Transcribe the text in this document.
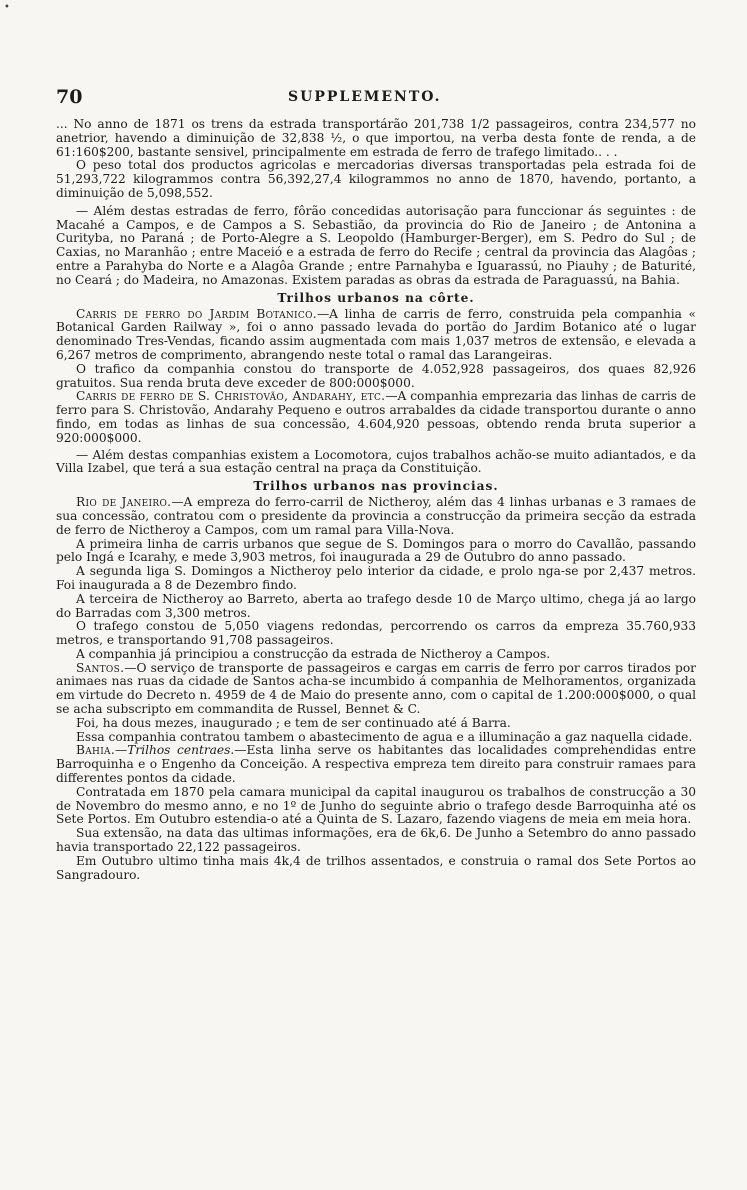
•
70	SUPPLEMENTO.

... No anno de 1871 os trens da estrada transportárão 201,738 1/2 passageiros, contra 234,577 no anetrior, havendo a diminuição de 32,838 ½, o que importou, na verba desta fonte de renda, a de 61:160$200, bastante sensivel, principalmente em estrada de ferro de trafego limitado.. . .

O peso total dos productos agricolas e mercadorias diversas transportadas pela estrada foi de 51,293,722 kilogrammos contra 56,392,27,4 kilogrammos no anno de 1870, havendo, portanto, a diminuição de 5,098,552.

— Além destas estradas de ferro, fôrão concedidas autorisação para funccionar ás seguintes : de Macahé a Campos, e de Campos a S. Sebastião, da provincia do Rio de Janeiro ; de Antonina a Curityba, no Paraná ; de Porto-Alegre a S. Leopoldo (Hamburger-Berger), em S. Pedro do Sul ; de Caxias, no Maranhão ; entre Maceió e a estrada de ferro do Recife ; central da provincia das Alagôas ; entre a Parahyba do Norte e a Alagôa Grande ; entre Parnahyba e Iguarassú, no Piauhy ; de Baturité, no Ceará ; do Madeira, no Amazonas. Existem paradas as obras da estrada de Paraguassú, na Bahia.

Trilhos urbanos na côrte.

Carris de ferro do Jardim Botanico.—A linha de carris de ferro, construida pela companhia « Botanical Garden Railway », foi o anno passado levada do portão do Jardim Botanico até o lugar denominado Tres-Vendas, ficando assim augmentada com mais 1,037 metros de extensão, e elevada a 6,267 metros de comprimento, abrangendo neste total o ramal das Larangeiras.

O trafico da companhia constou do transporte de 4.052,928 passageiros, dos quaes 82,926 gratuitos. Sua renda bruta deve exceder de 800:000$000.

Carris de ferro de S. Christovão, Andarahy, etc.—A companhia emprezaria das linhas de carris de ferro para S. Christovão, Andarahy Pequeno e outros arrabaldes da cidade transportou durante o anno findo, em todas as linhas de sua concessão, 4.604,920 pessoas, obtendo renda bruta superior a 920:000$000.

— Além destas companhias existem a Locomotora, cujos trabalhos achão-se muito adiantados, e da Villa Izabel, que terá a sua estação central na praça da Constituição.

Trilhos urbanos nas provincias.

Rio de Janeiro.—A empreza do ferro-carril de Nictheroy, além das 4 linhas urbanas e 3 ramaes de sua concessão, contratou com o presidente da provincia a construcção da primeira secção da estrada de ferro de Nictheroy a Campos, com um ramal para Villa-Nova.

A primeira linha de carris urbanos que segue de S. Domingos para o morro do Cavallão, passando pelo Ingá e Icarahy, e mede 3,903 metros, foi inaugurada a 29 de Outubro do anno passado.

A segunda liga S. Domingos a Nictheroy pelo interior da cidade, e prolo nga-se por 2,437 metros. Foi inaugurada a 8 de Dezembro findo.

A terceira de Nictheroy ao Barreto, aberta ao trafego desde 10 de Março ultimo, chega já ao largo do Barradas com 3,300 metros.

O trafego constou de 5,050 viagens redondas, percorrendo os carros da empreza 35.760,933 metros, e transportando 91,708 passageiros.

A companhia já principiou a construcção da estrada de Nictheroy a Campos.

Santos.—O serviço de transporte de passageiros e cargas em carris de ferro por carros tirados por animaes nas ruas da cidade de Santos acha-se incumbido á companhia de Melhoramentos, organizada em virtude do Decreto n. 4959 de 4 de Maio do presente anno, com o capital de 1.200:000$000, o qual se acha subscripto em commandita de Russel, Bennet & C.

Foi, ha dous mezes, inaugurado ; e tem de ser continuado até á Barra.

Essa companhia contratou tambem o abastecimento de agua e a illuminação a gaz naquella cidade.

Bahia.—Trilhos centraes.—Esta linha serve os habitantes das localidades comprehendidas entre Barroquinha e o Engenho da Conceição. A respectiva empreza tem direito para construir ramaes para differentes pontos da cidade.

Contratada em 1870 pela camara municipal da capital inaugurou os trabalhos de construcção a 30 de Novembro do mesmo anno, e no 1º de Junho do seguinte abrio o trafego desde Barroquinha até os Sete Portos. Em Outubro estendia-o até a Quinta de S. Lazaro, fazendo viagens de meia em meia hora.

Sua extensão, na data das ultimas informações, era de 6k,6. De Junho a Setembro do anno passado havia transportado 22,122 passageiros.

Em Outubro ultimo tinha mais 4k,4 de trilhos assentados, e construia o ramal dos Sete Portos ao Sangradouro.
